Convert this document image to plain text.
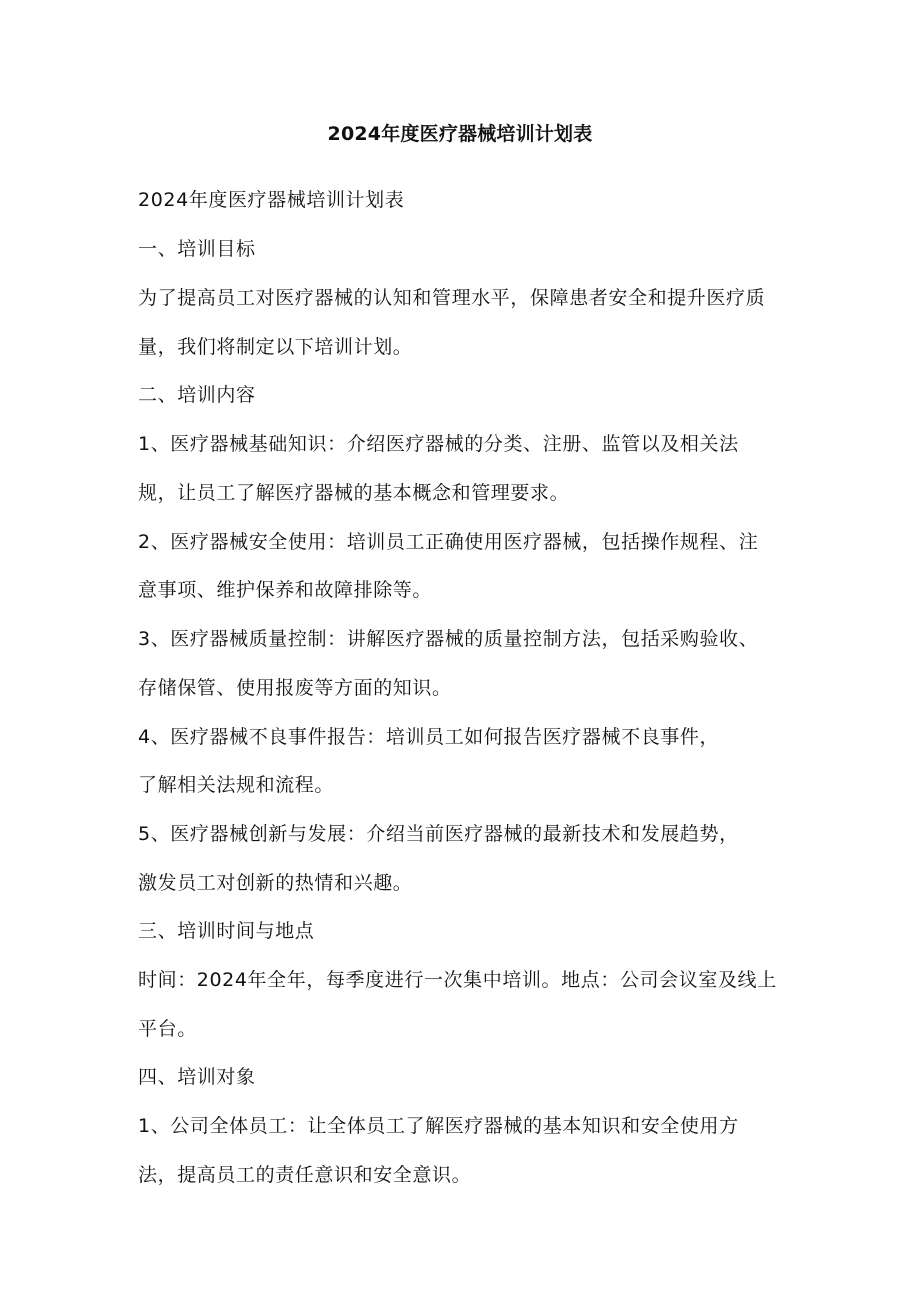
2024年度医疗器械培训计划表
2024年度医疗器械培训计划表
一、培训目标
为了提高员工对医疗器械的认知和管理水平，保障患者安全和提升医疗质
量，我们将制定以下培训计划。
二、培训内容
1、医疗器械基础知识：介绍医疗器械的分类、注册、监管以及相关法
规，让员工了解医疗器械的基本概念和管理要求。
2、医疗器械安全使用：培训员工正确使用医疗器械，包括操作规程、注
意事项、维护保养和故障排除等。
3、医疗器械质量控制：讲解医疗器械的质量控制方法，包括采购验收、
存储保管、使用报废等方面的知识。
4、医疗器械不良事件报告：培训员工如何报告医疗器械不良事件，
了解相关法规和流程。
5、医疗器械创新与发展：介绍当前医疗器械的最新技术和发展趋势，
激发员工对创新的热情和兴趣。
三、培训时间与地点
时间：2024年全年，每季度进行一次集中培训。地点：公司会议室及线上
平台。
四、培训对象
1、公司全体员工：让全体员工了解医疗器械的基本知识和安全使用方
法，提高员工的责任意识和安全意识。
